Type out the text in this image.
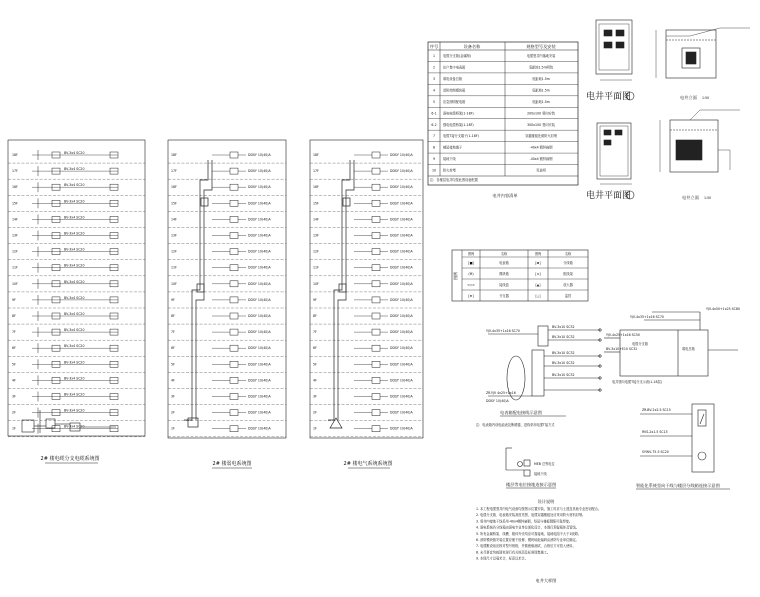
18F	BV-3x4 SC20
17F	BV-3x4 SC20
16F	BV-3x4 SC20
15F	BV-3x4 SC20
14F	BV-3x4 SC20
13F	BV-3x4 SC20
12F	BV-3x4 SC20
11F	BV-3x4 SC20
10F	BV-3x4 SC20
9F	BV-3x4 SC20
8F	BV-3x4 SC20
7F	BV-3x4 SC20
6F	BV-3x4 SC20
5F	BV-3x4 SC20
4F	BV-3x4 SC20
3F	BV-3x4 SC20
2F	BV-3x4 SC20
1F	BV-3x4 SC20
2# 楼电缆分支电缆系统图
18F	DDSY 10(40)A
17F	DDSY 10(40)A
16F	DDSY 10(40)A
15F	DDSY 10(40)A
14F	DDSY 10(40)A
13F	DDSY 10(40)A
12F	DDSY 10(40)A
11F	DDSY 10(40)A
10F	DDSY 10(40)A
9F	DDSY 10(40)A
8F	DDSY 10(40)A
7F	DDSY 10(40)A
6F	DDSY 10(40)A
5F	DDSY 10(40)A
4F	DDSY 10(40)A
3F	DDSY 10(40)A
2F	DDSY 10(40)A
1F	DDSY 10(40)A
2# 楼弱电系统图
18F	DDSY 10(40)A
17F	DDSY 10(40)A
16F	DDSY 10(40)A
15F	DDSY 10(40)A
14F	DDSY 10(40)A
13F	DDSY 10(40)A
12F	DDSY 10(40)A
11F	DDSY 10(40)A
10F	DDSY 10(40)A
9F	DDSY 10(40)A
8F	DDSY 10(40)A
7F	DDSY 10(40)A
6F	DDSY 10(40)A
5F	DDSY 10(40)A
4F	DDSY 10(40)A
3F	DDSY 10(40)A
2F	DDSY 10(40)A
1F	DDSY 10(40)A
2# 楼电气系统系统图
序号	设备名称	规格型号及安装
1 电缆分支箱(金属制)	电缆竖井内落地安装
2 住户集中电表箱	底距地1.5m明装
3 弱电设备总箱	底距地1.5m
4 消防控制模块箱	底距地1.5m
5 应急照明配电箱	底距地1.5m
6-1 弱电电缆桥架(1-18F)	200x100 竖向安装
6-2 强电电缆桥架(1-18F)	300x100 竖向安装
7 电缆T接分支端子(1-18F)	穿越楼板处做防火封堵
8 楼层接地端子	-40x4 镀锌扁钢
9 接地干线	-40x4 镀锌扁钢
10 防火封堵	见说明
注：各楼层电井均按此图设备配置
电井内容清单
电井平面图
电井平面图
电井立面 1:50
电井立面 1:50
图例
图例	名称	图例	名称
[■]	电表箱	[⊠]	分线箱
(M)	模块箱	[≡]	配线架
<◇>	接线盒	[▲]	放大器
[⊕]	分支器	[△]	监控
YJV-4x35+1x16 SC70
BV-3x10 SC32
BV-3x10 SC32
BV-3x10 SC32
BV-3x10 SC32
BV-3x10 SC32
ZR-YJV 4x25+1x16
DDSY 10(40)A
电表箱配电接线示意图
注：电表箱内设电能表及断路器，进线采用电缆T接方式
MEB 总等电位
接地干线
楼层等电位接地连接示意图
YJV-4x50+1x25 SC80
YJV-4x35+1x16 SC70
YJV-4x25+1x16 SC50
BV-3x10+E10 SC32
电缆分支箱
弱电总箱
电井竖向电缆T接分支示意(1-18层)
ZR-BV-2x2.5 SC15
RVS-2x1.5 SC15
SYWV-75-5 SC20
智能化系统竖向干线与楼层分线箱连接示意图
设计说明
1. 本工程电缆竖井内电气设备均按图示位置安装，施工时应与土建及其他专业密切配合。
2. 电缆分支箱、电表箱安装高度见图，电缆穿越楼板处应采用防火材料封堵。
3. 竖井内接地干线采用-40x4镀锌扁钢，每层与楼板钢筋可靠焊接。
4. 弱电系统各分线箱由弱电专业单位深化设计，本图仅预留箱体及管线。
5. 所有金属桥架、线槽、箱体外壳均应可靠接地，接地电阻不大于1欧姆。
6. 消防模块箱安装位置应便于检修，模块地址编码由消防专业单位确定。
7. 电缆敷设前应核对型号规格，并做绝缘测试，合格后方可投入使用。
8. 未尽事宜均按国家现行有关规范及标准图集施工。
9. 本图尺寸以毫米计，标高以米计。
电井大样图
